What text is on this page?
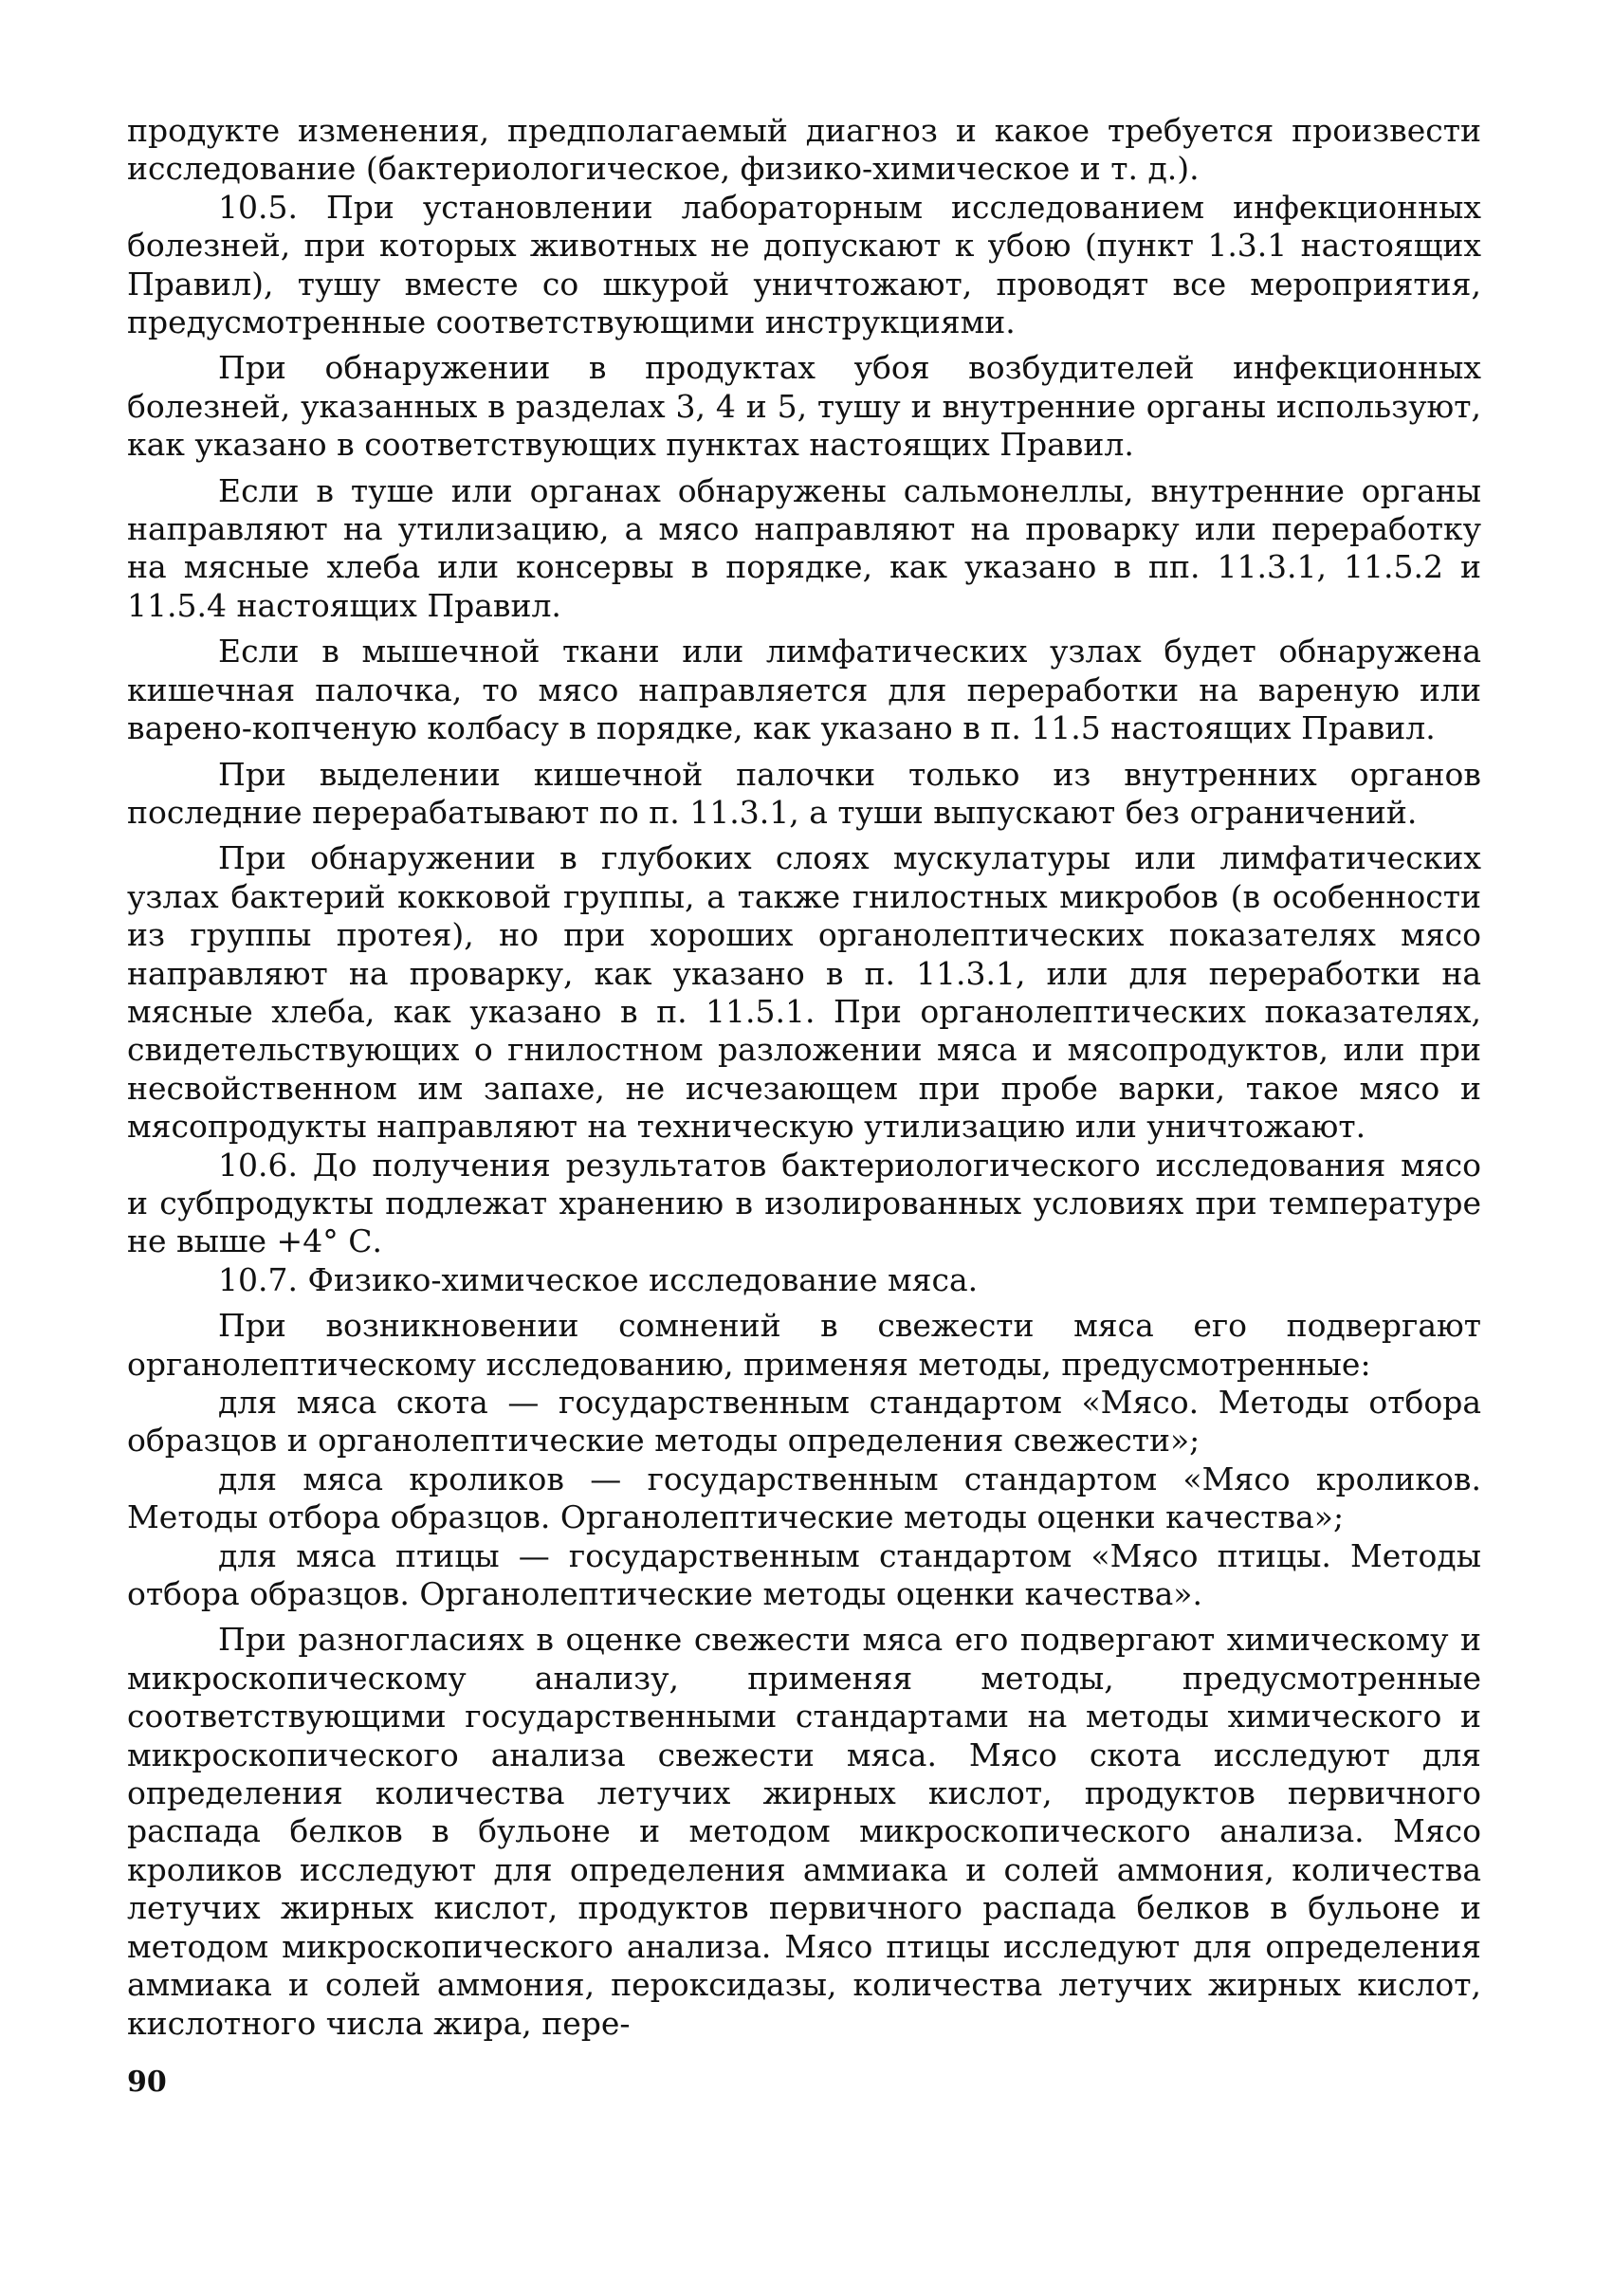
продукте изменения, предполагаемый диагноз и какое требуется произвести исследование (бактериологическое, физико-химическое и т. д.).

10.5. При установлении лабораторным исследованием инфекционных болезней, при которых животных не допускают к убою (пункт 1.3.1 настоящих Правил), тушу вместе со шкурой уничтожают, проводят все мероприятия, предусмотренные соответствующими инструкциями.

При обнаружении в продуктах убоя возбудителей инфекционных болезней, указанных в разделах 3, 4 и 5, тушу и внутренние органы используют, как указано в соответствующих пунктах настоящих Правил.

Если в туше или органах обнаружены сальмонеллы, внутренние органы направляют на утилизацию, а мясо направляют на проварку или переработку на мясные хлеба или консервы в порядке, как указано в пп. 11.3.1, 11.5.2 и 11.5.4 настоящих Правил.

Если в мышечной ткани или лимфатических узлах будет обнаружена кишечная палочка, то мясо направляется для переработки на вареную или варено-копченую колбасу в порядке, как указано в п. 11.5 настоящих Правил.

При выделении кишечной палочки только из внутренних органов последние перерабатывают по п. 11.3.1, а туши выпускают без ограничений.

При обнаружении в глубоких слоях мускулатуры или лимфатических узлах бактерий кокковой группы, а также гнилостных микробов (в особенности из группы протея), но при хороших органолептических показателях мясо направляют на проварку, как указано в п. 11.3.1, или для переработки на мясные хлеба, как указано в п. 11.5.1. При органолептических показателях, свидетельствующих о гнилостном разложении мяса и мясопродуктов, или при несвойственном им запахе, не исчезающем при пробе варки, такое мясо и мясопродукты направляют на техническую утилизацию или уничтожают.

10.6. До получения результатов бактериологического исследования мясо и субпродукты подлежат хранению в изолированных условиях при температуре не выше +4° С.

10.7. Физико-химическое исследование мяса.

При возникновении сомнений в свежести мяса его подвергают органолептическому исследованию, применяя методы, предусмотренные:

для мяса скота — государственным стандартом «Мясо. Методы отбора образцов и органолептические методы определения свежести»;

для мяса кроликов — государственным стандартом «Мясо кроликов. Методы отбора образцов. Органолептические методы оценки качества»;

для мяса птицы — государственным стандартом «Мясо птицы. Методы отбора образцов. Органолептические методы оценки качества».

При разногласиях в оценке свежести мяса его подвергают химическому и микроскопическому анализу, применяя методы, предусмотренные соответствующими государственными стандартами на методы химического и микроскопического анализа свежести мяса. Мясо скота исследуют для определения количества летучих жирных кислот, продуктов первичного распада белков в бульоне и методом микроскопического анализа. Мясо кроликов исследуют для определения аммиака и солей аммония, количества летучих жирных кислот, продуктов первичного распада белков в бульоне и методом микроскопического анализа. Мясо птицы исследуют для определения аммиака и солей аммония, пероксидазы, количества летучих жирных кислот, кислотного числа жира, пере-

90
